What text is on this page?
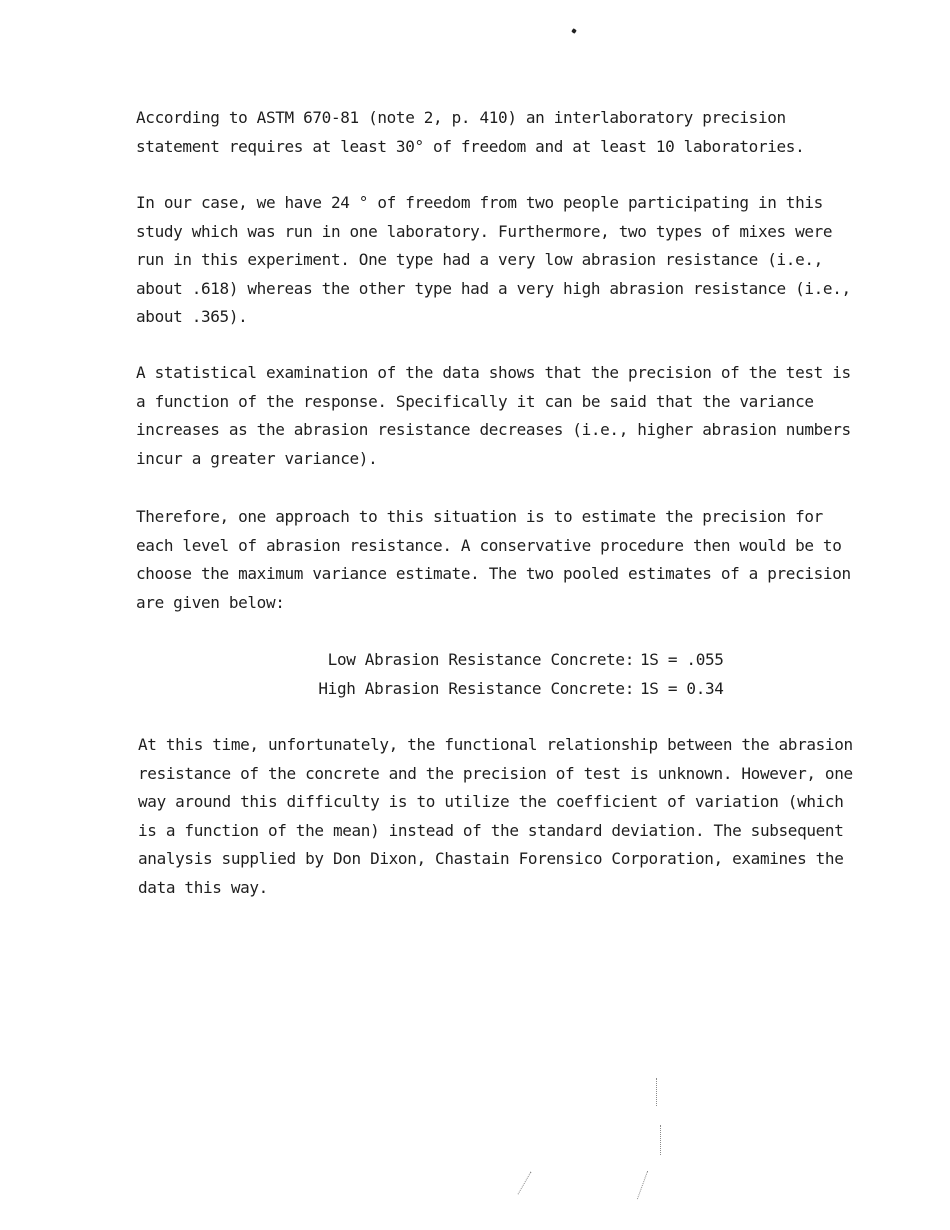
According to ASTM 670-81 (note 2, p. 410) an interlaboratory precision
statement requires at least 30° of freedom and at least 10 laboratories.

In our case, we have 24 ° of freedom from two people participating in this
study which was run in one laboratory. Furthermore, two types of mixes were
run in this experiment. One type had a very low abrasion resistance (i.e.,
about .618) whereas the other type had a very high abrasion resistance (i.e.,
about .365).

A statistical examination of the data shows that the precision of the test is
a function of the response. Specifically it can be said that the variance
increases as the abrasion resistance decreases (i.e., higher abrasion numbers
incur a greater variance).

Therefore, one approach to this situation is to estimate the precision for
each level of abrasion resistance. A conservative procedure then would be to
choose the maximum variance estimate. The two pooled estimates of a precision
are given below:

Low Abrasion Resistance Concrete: 1S = .055
High Abrasion Resistance Concrete: 1S = 0.34

At this time, unfortunately, the functional relationship between the abrasion
resistance of the concrete and the precision of test is unknown. However, one
way around this difficulty is to utilize the coefficient of variation (which
is a function of the mean) instead of the standard deviation. The subsequent
analysis supplied by Don Dixon, Chastain Forensico Corporation, examines the
data this way.
